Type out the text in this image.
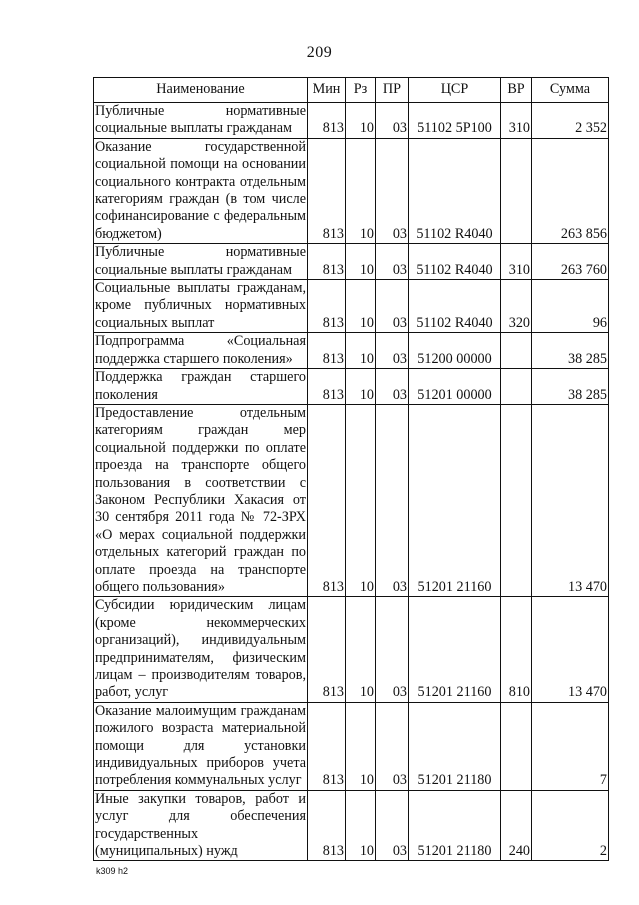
209
Наименование	Мин	Рз	ПР	ЦСР	ВР	Сумма
Публичные нормативные социальные выплаты гражданам	813	10	03	51102 5P100	310	2 352
Оказание государственной социальной помощи на основании социального контракта отдельным категориям граждан (в том числе софинансирование с федеральным бюджетом)	813	10	03	51102 R4040		263 856
Публичные нормативные социальные выплаты гражданам	813	10	03	51102 R4040	310	263 760
Социальные выплаты гражданам, кроме публичных нормативных социальных выплат	813	10	03	51102 R4040	320	96
Подпрограмма «Социальная поддержка старшего поколения»	813	10	03	51200 00000		38 285
Поддержка граждан старшего поколения	813	10	03	51201 00000		38 285
Предоставление отдельным категориям граждан мер социальной поддержки по оплате проезда на транспорте общего пользования в соответствии с Законом Республики Хакасия от 30 сентября 2011 года № 72-ЗРХ «О мерах социальной поддержки отдельных категорий граждан по оплате проезда на транспорте общего пользования»	813	10	03	51201 21160		13 470
Субсидии юридическим лицам (кроме некоммерческих организаций), индивидуальным предпринимателям, физическим лицам – производителям товаров, работ, услуг	813	10	03	51201 21160	810	13 470
Оказание малоимущим гражданам пожилого возраста материальной помощи для установки индивидуальных приборов учета потребления коммунальных услуг	813	10	03	51201 21180		7
Иные закупки товаров, работ и услуг для обеспечения государственных (муниципальных) нужд	813	10	03	51201 21180	240	2
k309 h2
